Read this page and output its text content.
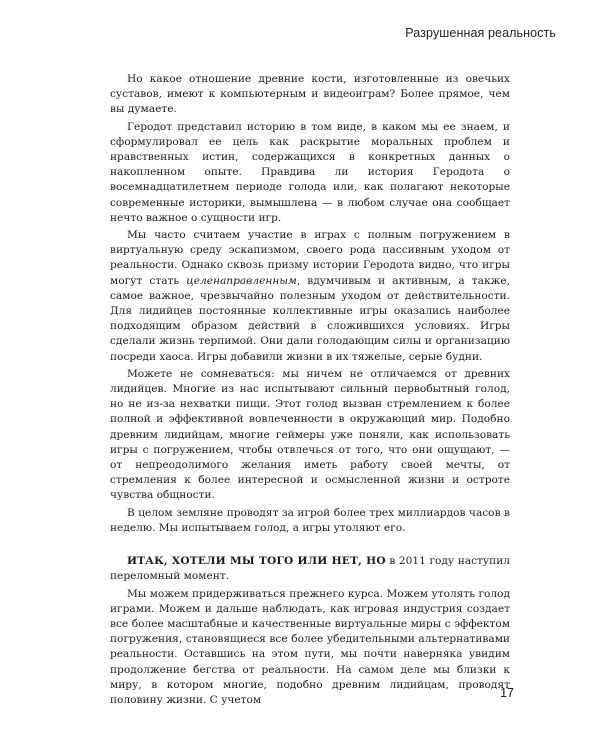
Разрушенная реальность

Но какое отношение древние кости, изготовленные из овечьих суставов, имеют к компьютерным и видеоиграм? Более прямое, чем вы думаете.

Геродот представил историю в том виде, в каком мы ее знаем, и сформулировал ее цель как раскрытие моральных проблем и нравственных истин, содержащихся в конкретных данных о накопленном опыте. Правдива ли история Геродота о восемнадцатилетнем периоде голода или, как полагают некоторые современные историки, вымышлена — в любом случае она сообщает нечто важное о сущности игр.

Мы часто считаем участие в играх с полным погружением в виртуальную среду эскапизмом, своего рода пассивным уходом от реальности. Однако сквозь призму истории Геродота видно, что игры могут стать целенаправленным, вдумчивым и активным, а также, самое важное, чрезвычайно полезным уходом от действительности. Для лидийцев постоянные коллективные игры оказались наиболее подходящим образом действий в сложившихся условиях. Игры сделали жизнь терпимой. Они дали голодающим силы и организацию посреди хаоса. Игры добавили жизни в их тяжелые, серые будни.

Можете не сомневаться: мы ничем не отличаемся от древних лидийцев. Многие из нас испытывают сильный первобытный голод, но не из-за нехватки пищи. Этот голод вызван стремлением к более полной и эффективной вовлеченности в окружающий мир. Подобно древним лидийцам, многие геймеры уже поняли, как использовать игры с погружением, чтобы отвлечься от того, что они ощущают, — от непреодолимого желания иметь работу своей мечты, от стремления к более интересной и осмысленной жизни и остроте чувства общности.

В целом земляне проводят за игрой более трех миллиардов часов в неделю. Мы испытываем голод, а игры утоляют его.

ИТАК, ХОТЕЛИ МЫ ТОГО ИЛИ НЕТ, НО в 2011 году наступил переломный момент.

Мы можем придерживаться прежнего курса. Можем утолять голод играми. Можем и дальше наблюдать, как игровая индустрия создает все более масштабные и качественные виртуальные миры с эффектом погружения, становящиеся все более убедительными альтернативами реальности. Оставшись на этом пути, мы почти наверняка увидим продолжение бегства от реальности. На самом деле мы близки к миру, в котором многие, подобно древним лидийцам, проводят половину жизни. С учетом	17
